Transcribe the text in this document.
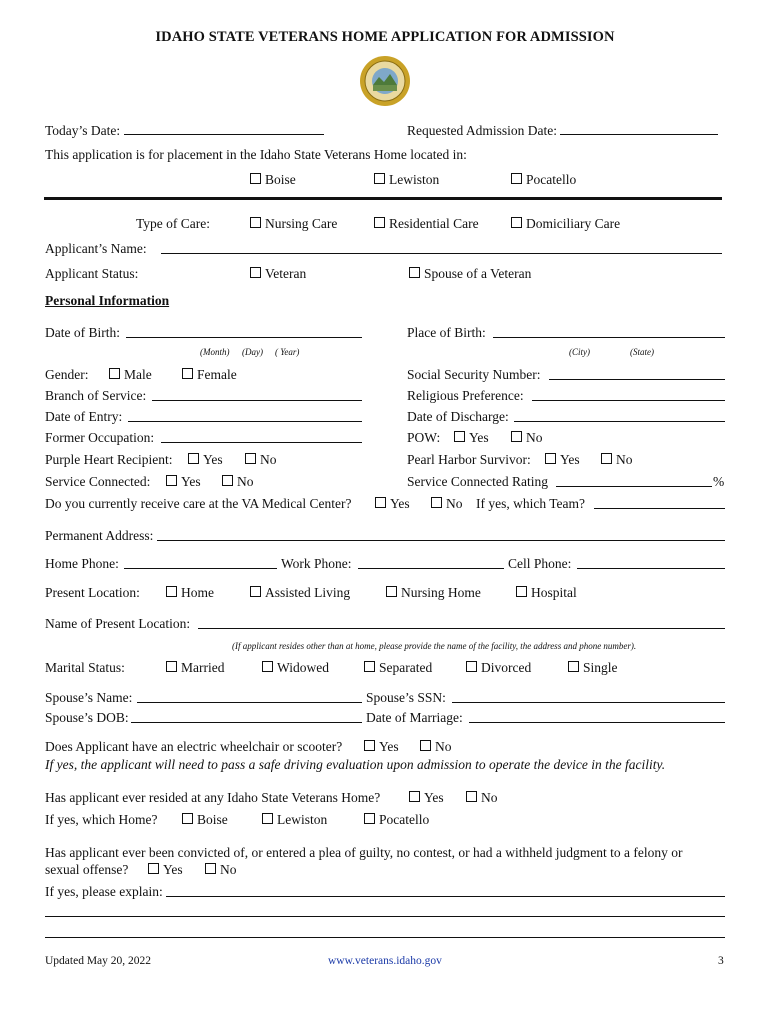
IDAHO STATE VETERANS HOME APPLICATION FOR ADMISSION
Today’s Date:	Requested Admission Date:
This application is for placement in the Idaho State Veterans Home located in:
Boise	Lewiston	Pocatello
Type of Care:	Nursing Care	Residential Care	Domiciliary Care
Applicant’s Name:
Applicant Status:	Veteran	Spouse of a Veteran
Personal Information
Date of Birth:	Place of Birth:
(Month) (Day) ( Year)	(City)	(State)
Gender:	Male	Female	Social Security Number:
Branch of Service:	Religious Preference:
Date of Entry:	Date of Discharge:
Former Occupation:	POW:	Yes	No
Purple Heart Recipient:	Yes	No	Pearl Harbor Survivor:	Yes	No
Service Connected:	Yes	No	Service Connected Rating	%
Do you currently receive care at the VA Medical Center?	Yes	No If yes, which Team?
Permanent Address:
Home Phone:	Work Phone:	Cell Phone:
Present Location:	Home	Assisted Living	Nursing Home	Hospital
Name of Present Location:
(If applicant resides other than at home, please provide the name of the facility, the address and phone number).
Marital Status:	Married	Widowed	Separated	Divorced	Single
Spouse’s Name:	Spouse’s SSN:
Spouse’s DOB:	Date of Marriage:
Does Applicant have an electric wheelchair or scooter?	Yes	No
If yes, the applicant will need to pass a safe driving evaluation upon admission to operate the device in the facility.
Has applicant ever resided at any Idaho State Veterans Home?	Yes	No
If yes, which Home?	Boise	Lewiston	Pocatello
Has applicant ever been convicted of, or entered a plea of guilty, no contest, or had a withheld judgment to a felony or
sexual offense?	Yes	No
If yes, please explain:
Updated May 20, 2022	www.veterans.idaho.gov	3
